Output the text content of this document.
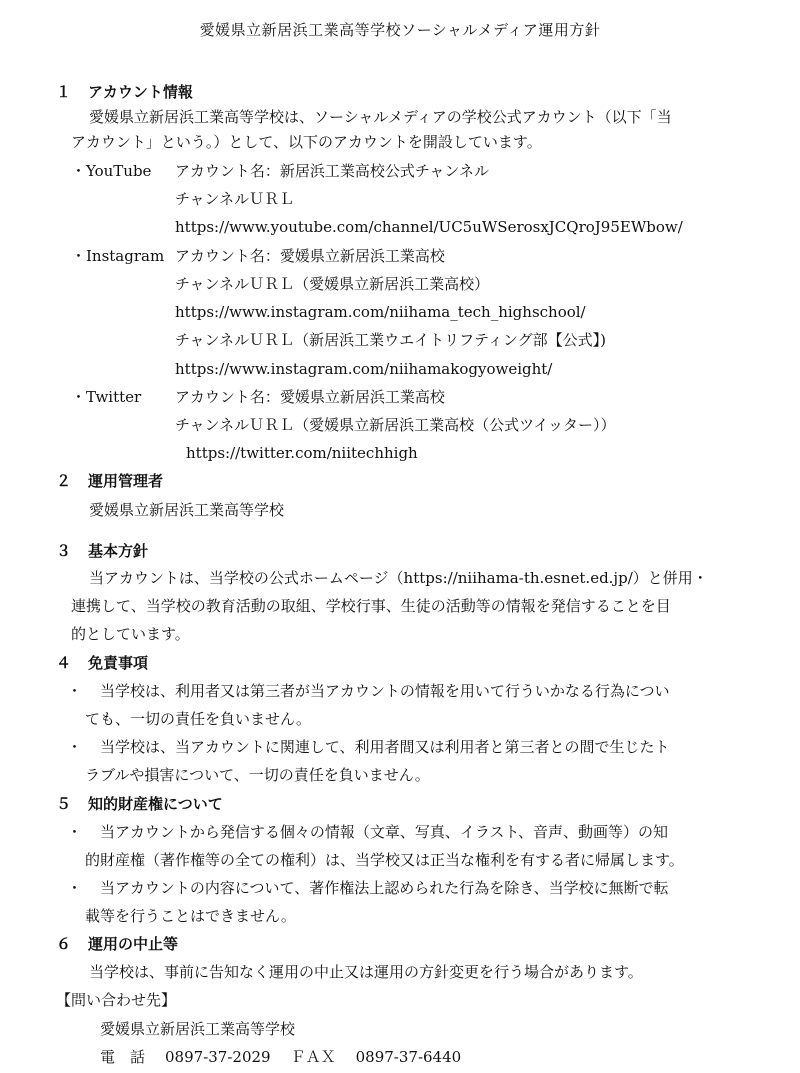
愛媛県立新居浜工業高等学校ソーシャルメディア運用方針
１ アカウント情報
愛媛県立新居浜工業高等学校は、ソーシャルメディアの学校公式アカウント（以下「当
アカウント」という。）として、以下のアカウントを開設しています。
・YouTube アカウント名：新居浜工業高校公式チャンネル
チャンネルＵＲＬ
https://www.youtube.com/channel/UC5uWSerosxJCQroJ95EWbow/
・Instagram アカウント名：愛媛県立新居浜工業高校
チャンネルＵＲＬ（愛媛県立新居浜工業高校）
https://www.instagram.com/niihama_tech_highschool/
チャンネルＵＲＬ（新居浜工業ウエイトリフティング部【公式】)
https://www.instagram.com/niihamakogyoweight/
・Twitter アカウント名：愛媛県立新居浜工業高校
チャンネルＵＲＬ（愛媛県立新居浜工業高校（公式ツイッター））
https://twitter.com/niitechhigh
２ 運用管理者
愛媛県立新居浜工業高等学校
３ 基本方針
当アカウントは、当学校の公式ホームページ（https://niihama-th.esnet.ed.jp/）と併用・
連携して、当学校の教育活動の取組、学校行事、生徒の活動等の情報を発信することを目
的としています。
４ 免責事項
・ 当学校は、利用者又は第三者が当アカウントの情報を用いて行ういかなる行為につい
ても、一切の責任を負いません。
・ 当学校は、当アカウントに関連して、利用者間又は利用者と第三者との間で生じたト
ラブルや損害について、一切の責任を負いません。
５ 知的財産権について
・ 当アカウントから発信する個々の情報（文章、写真、イラスト、音声、動画等）の知
的財産権（著作権等の全ての権利）は、当学校又は正当な権利を有する者に帰属します。
・ 当アカウントの内容について、著作権法上認められた行為を除き、当学校に無断で転
載等を行うことはできません。
６ 運用の中止等
当学校は、事前に告知なく運用の中止又は運用の方針変更を行う場合があります。
【問い合わせ先】
愛媛県立新居浜工業高等学校
電　話 0897-37-2029 ＦＡＸ 0897-37-6440
